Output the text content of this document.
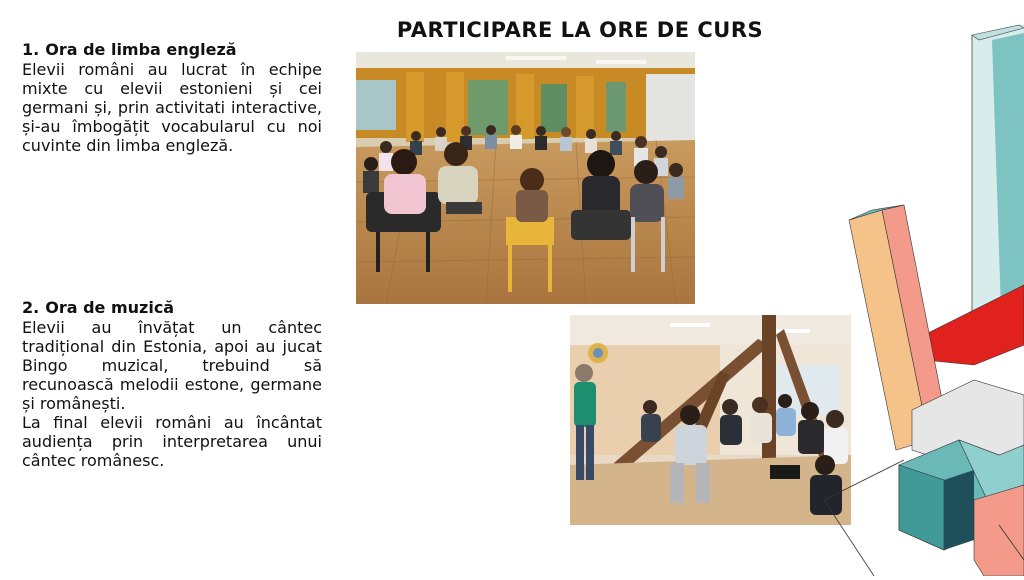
PARTICIPARE LA ORE DE CURS
1. Ora de limba engleză

Elevii români au lucrat în echipe mixte cu elevii estonieni și cei germani și, prin activitati interactive, și-au îmbogățit vocabularul cu noi cuvinte din limba engleză.

2. Ora de muzică

Elevii au învățat un cântec tradițional din Estonia, apoi au jucat Bingo muzical, trebuind să recunoască melodii estone, germane și românești.

La final elevii români au încântat audiența prin interpretarea unui cântec românesc.
